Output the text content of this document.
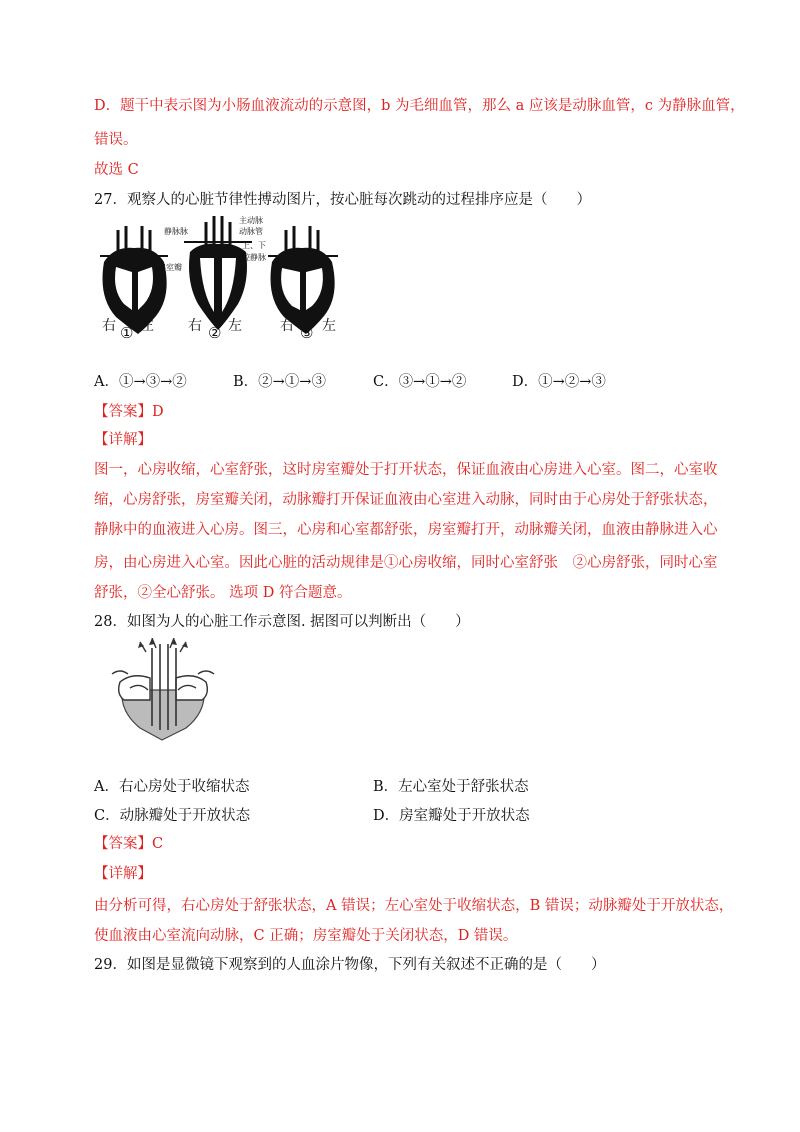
D．题干中表示图为小肠血液流动的示意图，b 为毛细血管，那么 a 应该是动脉血管，c 为静脉血管，
错误。
故选 C
27．观察人的心脏节律性搏动图片，按心脏每次跳动的过程排序应是（　　）
房室瓣
主动脉
静脉脉	动脉管
上、下
腔静脉
右 ① 左 右 ② 左	右 ③ 左
A．①→③→②	B．②→①→③	C．③→①→②	D．①→②→③
【答案】D
【详解】
图一，心房收缩，心室舒张，这时房室瓣处于打开状态，保证血液由心房进入心室。图二，心室收
缩，心房舒张，房室瓣关闭，动脉瓣打开保证血液由心室进入动脉，同时由于心房处于舒张状态，
静脉中的血液进入心房。图三，心房和心室都舒张，房室瓣打开，动脉瓣关闭，血液由静脉进入心
房，由心房进入心室。因此心脏的活动规律是①心房收缩，同时心室舒张　②心房舒张，同时心室
舒张，②全心舒张。 选项 D 符合题意。
28．如图为人的心脏工作示意图. 据图可以判断出（　　）
A．右心房处于收缩状态	B．左心室处于舒张状态
C．动脉瓣处于开放状态	D．房室瓣处于开放状态
【答案】C
【详解】
由分析可得，右心房处于舒张状态，A 错误；左心室处于收缩状态，B 错误；动脉瓣处于开放状态，
使血液由心室流向动脉，C 正确；房室瓣处于关闭状态，D 错误。
29．如图是显微镜下观察到的人血涂片物像，下列有关叙述不正确的是（　　）
